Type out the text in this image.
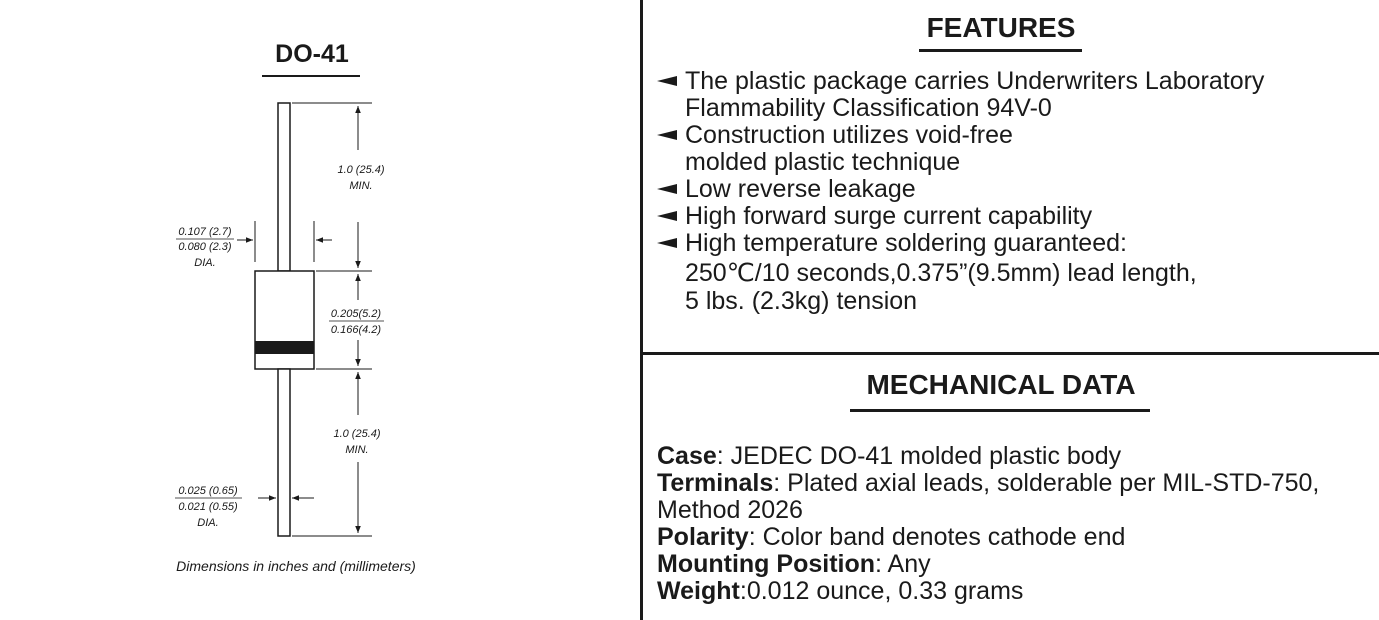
DO-41
1.0 (25.4)
MIN.
0.205(5.2)
0.166(4.2)
1.0 (25.4)
MIN.
0.107 (2.7)
0.080 (2.3)
DIA.
0.025 (0.65)
0.021 (0.55)
DIA.
Dimensions in inches and (millimeters)
FEATURES
The plastic package carries Underwriters Laboratory
Flammability Classification 94V-0
Construction utilizes void-free
molded plastic technique
Low reverse leakage
High forward surge current capability
High temperature soldering guaranteed:
250℃/10 seconds,0.375”(9.5mm) lead length,
5 lbs. (2.3kg) tension
MECHANICAL DATA
Case: JEDEC DO-41 molded plastic body
Terminals: Plated axial leads, solderable per MIL-STD-750,
Method 2026
Polarity: Color band denotes cathode end
Mounting Position: Any
Weight:0.012 ounce, 0.33 grams
